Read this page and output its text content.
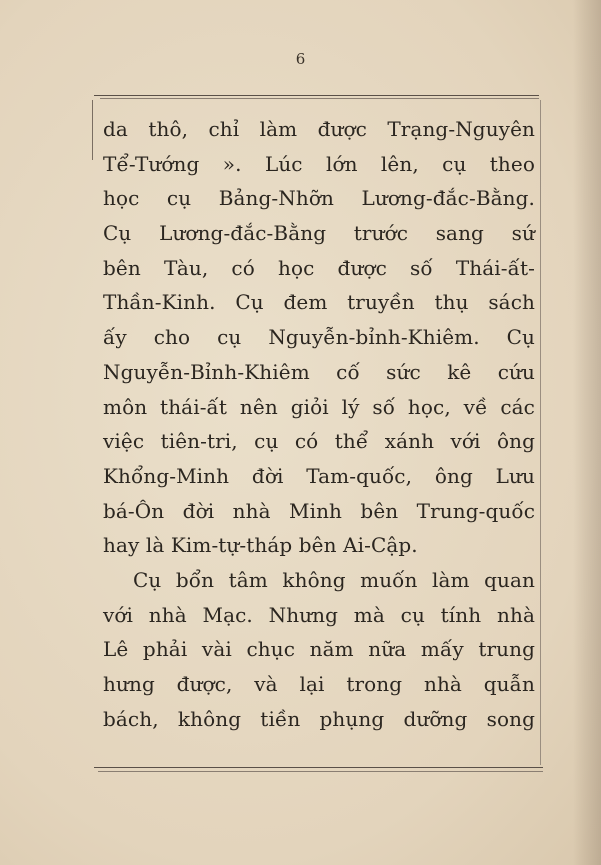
6
da thô, chỉ làm được Trạng-Nguyên
Tể-Tướng ». Lúc lớn lên, cụ theo
học cụ Bảng-Nhỡn Lương-đắc-Bằng.
Cụ Lương-đắc-Bằng trước sang sứ
bên Tàu, có học được số Thái-ất-
Thần-Kinh. Cụ đem truyền thụ sách
ấy cho cụ Nguyễn-bỉnh-Khiêm. Cụ
Nguyễn-Bỉnh-Khiêm cố sức kê cứu
môn thái-ất nên giỏi lý số học, về các
việc tiên-tri, cụ có thể xánh với ông
Khổng-Minh đời Tam-quốc, ông Lưu
bá-Ôn đời nhà Minh bên Trung-quốc
hay là Kim-tự-tháp bên Ai-Cập.
Cụ bổn tâm không muốn làm quan
với nhà Mạc. Nhưng mà cụ tính nhà
Lê phải vài chục năm nữa mấy trung
hưng được, và lại trong nhà quẫn
bách, không tiền phụng dưỡng song
